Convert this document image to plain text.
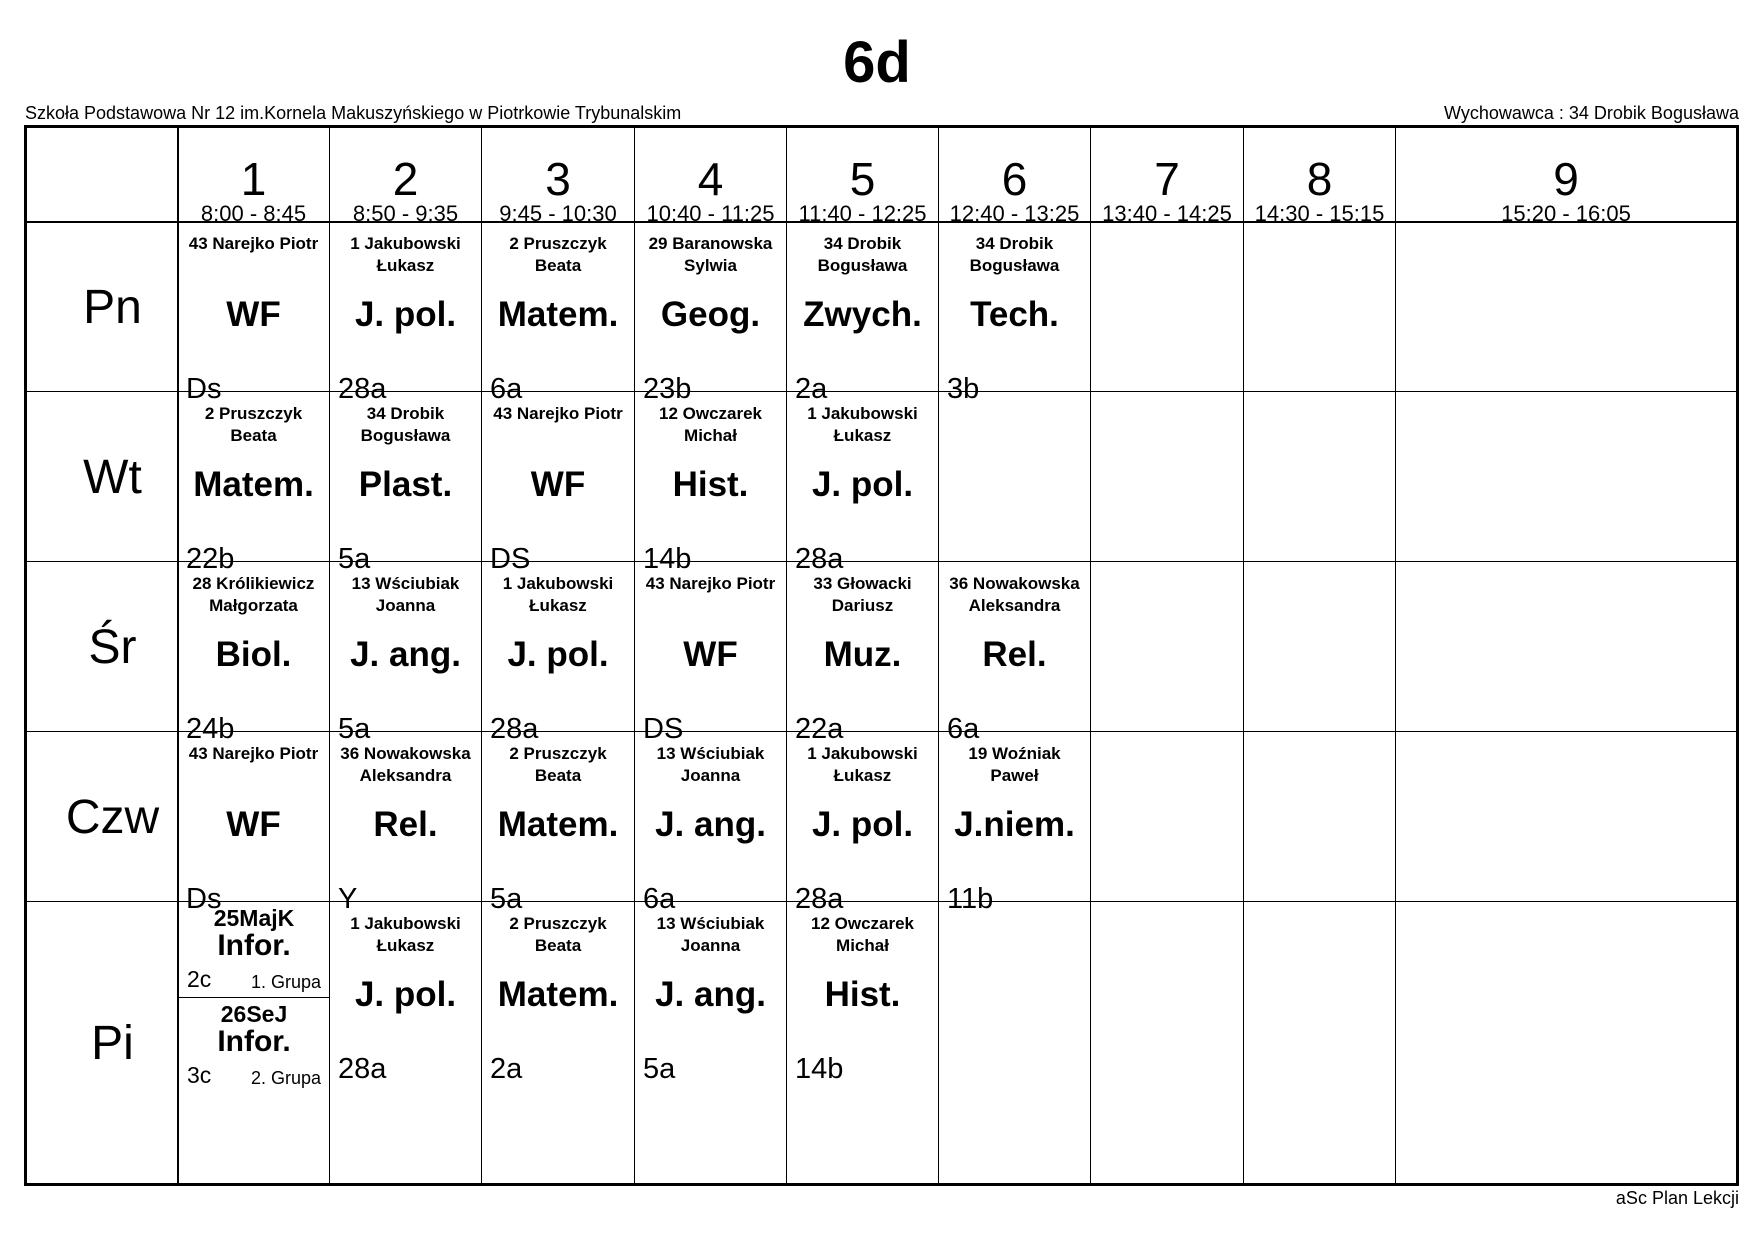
6d
Szkoła Podstawowa Nr 12 im.Kornela Makuszyńskiego w Piotrkowie Trybunalskim	Wychowawca : 34 Drobik Bogusława
1
8:00 - 8:45
2
8:50 - 9:35
3
9:45 - 10:30
4
10:40 - 11:25
5
11:40 - 12:25
6
12:40 - 13:25
7
13:40 - 14:25
8
14:30 - 15:15
9
15:20 - 16:05
Pn
43 Narejko Piotr
WF
Ds
1 Jakubowski Łukasz
J. pol.
28a
2 Pruszczyk Beata
Matem.
6a
29 Baranowska Sylwia
Geog.
23b
34 Drobik Bogusława
Zwych.
2a
34 Drobik Bogusława
Tech.
3b
Wt
2 Pruszczyk Beata
Matem.
22b
34 Drobik Bogusława
Plast.
5a
43 Narejko Piotr
WF
DS
12 Owczarek Michał
Hist.
14b
1 Jakubowski Łukasz
J. pol.
28a
Śr
28 Królikiewicz Małgorzata
Biol.
24b
13 Wściubiak Joanna
J. ang.
5a
1 Jakubowski Łukasz
J. pol.
28a
43 Narejko Piotr
WF
DS
33 Głowacki Dariusz
Muz.
22a
36 Nowakowska Aleksandra
Rel.
6a
Czw
43 Narejko Piotr
WF
Ds
36 Nowakowska Aleksandra
Rel.
Y
2 Pruszczyk Beata
Matem.
5a
13 Wściubiak Joanna
J. ang.
6a
1 Jakubowski Łukasz
J. pol.
28a
19 Woźniak Paweł
J.niem.
11b
Pi
25MajK
Infor.
2c 1. Grupa
26SeJ
Infor.
3c 2. Grupa
1 Jakubowski Łukasz
J. pol.
28a
2 Pruszczyk Beata
Matem.
2a
13 Wściubiak Joanna
J. ang.
5a
12 Owczarek Michał
Hist.
14b
aSc Plan Lekcji
